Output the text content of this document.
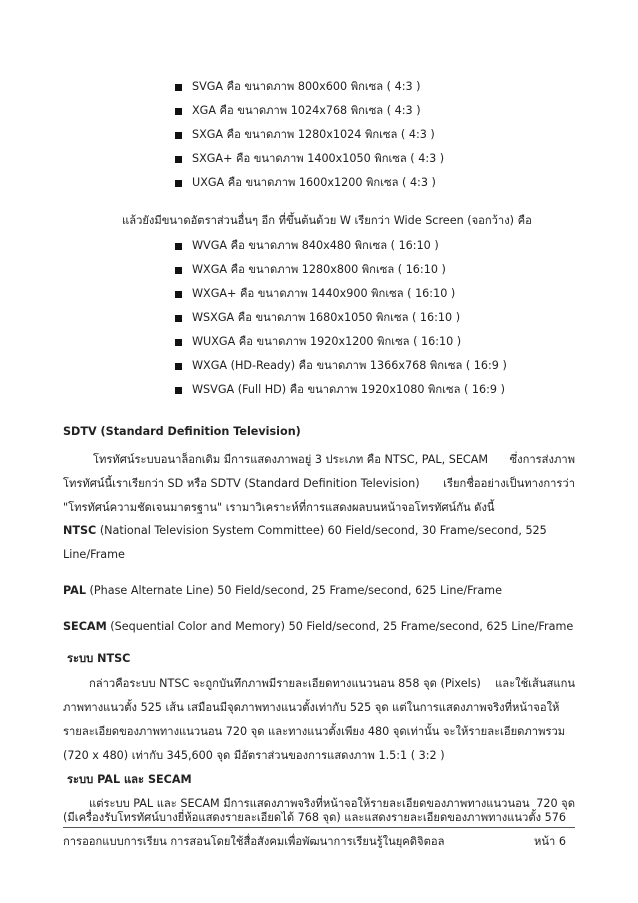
SVGA คือ ขนาดภาพ 800x600 พิกเซล ( 4:3 )
XGA คือ ขนาดภาพ 1024x768 พิกเซล ( 4:3 )
SXGA คือ ขนาดภาพ 1280x1024 พิกเซล ( 4:3 )
SXGA+ คือ ขนาดภาพ 1400x1050 พิกเซล ( 4:3 )
UXGA คือ ขนาดภาพ 1600x1200 พิกเซล ( 4:3 )
แล้วยังมีขนาดอัตราส่วนอื่นๆ อีก ที่ขึ้นต้นด้วย W เรียกว่า Wide Screen (จอกว้าง) คือ
WVGA คือ ขนาดภาพ 840x480 พิกเซล ( 16:10 )
WXGA คือ ขนาดภาพ 1280x800 พิกเซล ( 16:10 )
WXGA+ คือ ขนาดภาพ 1440x900 พิกเซล ( 16:10 )
WSXGA คือ ขนาดภาพ 1680x1050 พิกเซล ( 16:10 )
WUXGA คือ ขนาดภาพ 1920x1200 พิกเซล ( 16:10 )
WXGA (HD-Ready) คือ ขนาดภาพ 1366x768 พิกเซล ( 16:9 )
WSVGA (Full HD) คือ ขนาดภาพ 1920x1080 พิกเซล ( 16:9 )
SDTV (Standard Definition Television)
โทรทัศน์ระบบอนาล็อกเดิม มีการแสดงภาพอยู่ 3 ประเภท คือ NTSC, PAL, SECAM ซึ่งการส่งภาพ
โทรทัศน์นี้เราเรียกว่า SD หรือ SDTV (Standard Definition Television) เรียกชื่ออย่างเป็นทางการว่า
"โทรทัศน์ความชัดเจนมาตรฐาน" เรามาวิเคราะห์ที่การแสดงผลบนหน้าจอโทรทัศน์กัน ดังนี้
NTSC (National Television System Committee) 60 Field/second, 30 Frame/second, 525
Line/Frame
PAL (Phase Alternate Line) 50 Field/second, 25 Frame/second, 625 Line/Frame
SECAM (Sequential Color and Memory) 50 Field/second, 25 Frame/second, 625 Line/Frame
ระบบ NTSC
กล่าวคือระบบ NTSC จะถูกบันทึกภาพมีรายละเอียดทางแนวนอน 858 จุด (Pixels) และใช้เส้นสแกน
ภาพทางแนวตั้ง 525 เส้น เสมือนมีจุดภาพทางแนวตั้งเท่ากับ 525 จุด แต่ในการแสดงภาพจริงที่หน้าจอให้
รายละเอียดของภาพทางแนวนอน 720 จุด และทางแนวตั้งเพียง 480 จุดเท่านั้น จะให้รายละเอียดภาพรวม
(720 x 480) เท่ากับ 345,600 จุด มีอัตราส่วนของการแสดงภาพ 1.5:1 ( 3:2 )
ระบบ PAL และ SECAM
แต่ระบบ PAL และ SECAM มีการแสดงภาพจริงที่หน้าจอให้รายละเอียดของภาพทางแนวนอน 720 จุด
(มีเครื่องรับโทรทัศน์บางยี่ห้อแสดงรายละเอียดได้ 768 จุด) และแสดงรายละเอียดของภาพทางแนวตั้ง 576
การออกแบบการเรียน การสอนโดยใช้สื่อสังคมเพื่อพัฒนาการเรียนรู้ในยุคดิจิตอล	หน้า 6
